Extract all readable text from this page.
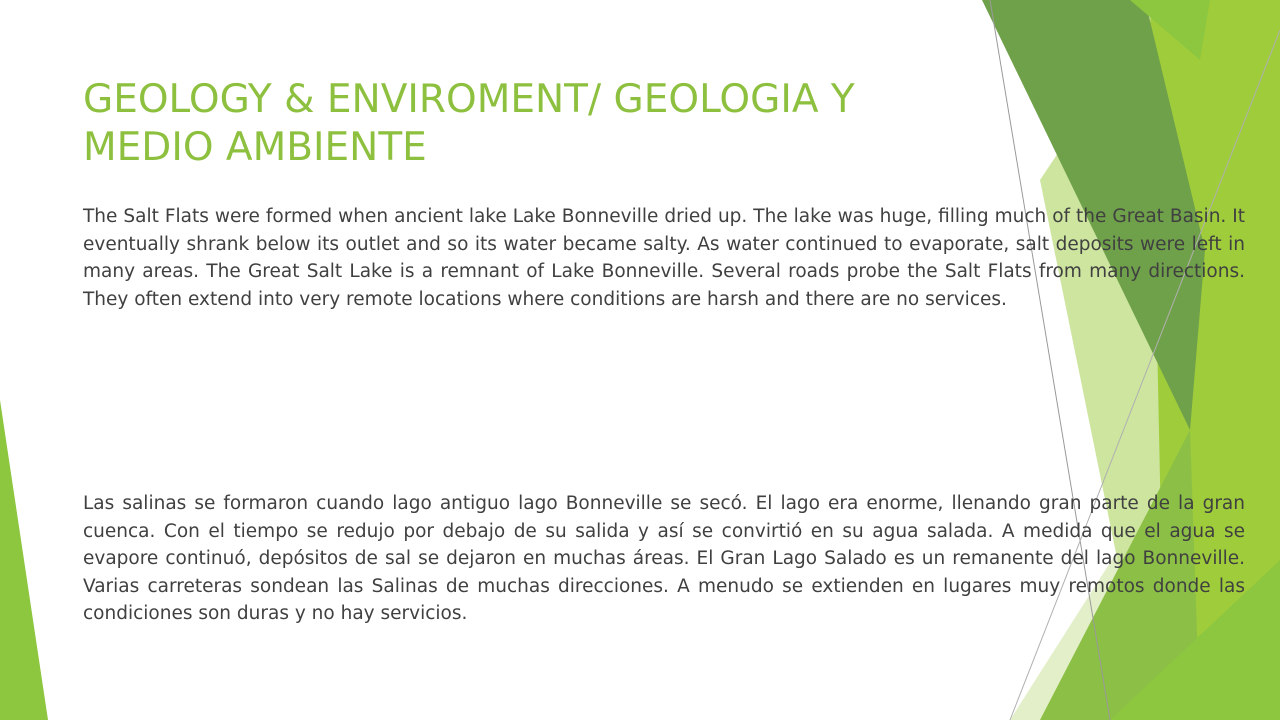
GEOLOGY & ENVIROMENT/ GEOLOGIA Y MEDIO AMBIENTE

The Salt Flats were formed when ancient lake Lake Bonneville dried up. The lake was huge, filling much of the Great Basin. It eventually shrank below its outlet and so its water became salty. As water continued to evaporate, salt deposits were left in many areas. The Great Salt Lake is a remnant of Lake Bonneville. Several roads probe the Salt Flats from many directions. They often extend into very remote locations where conditions are harsh and there are no services.

Las salinas se formaron cuando lago antiguo lago Bonneville se secó. El lago era enorme, llenando gran parte de la gran cuenca. Con el tiempo se redujo por debajo de su salida y así se convirtió en su agua salada. A medida que el agua se evapore continuó, depósitos de sal se dejaron en muchas áreas. El Gran Lago Salado es un remanente del lago Bonneville. Varias carreteras sondean las Salinas de muchas direcciones. A menudo se extienden en lugares muy remotos donde las condiciones son duras y no hay servicios.
